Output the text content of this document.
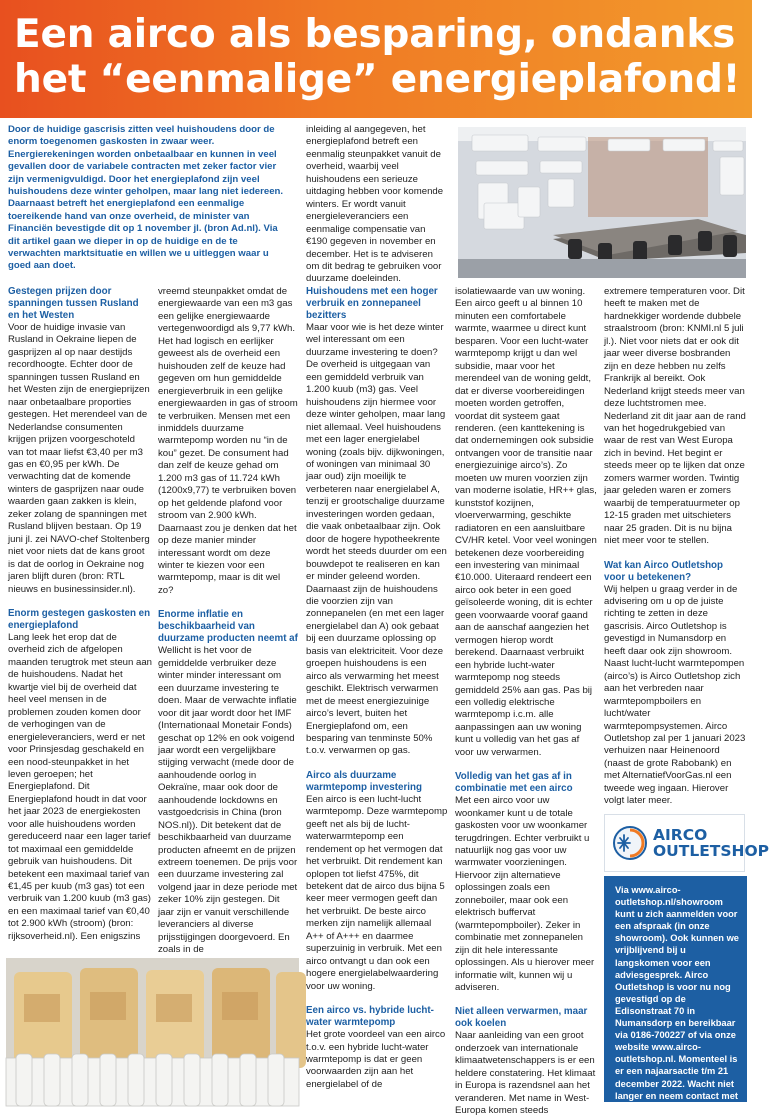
Een airco als besparing, ondanks
het “eenmalige” energieplafond!

Door de huidige gascrisis zitten veel huishoudens door de enorm toegenomen gaskosten in zwaar weer. Energierekeningen worden onbetaalbaar en kunnen in veel gevallen door de variabele contracten met zeker factor vier zijn vermenigvuldigd. Door het energieplafond zijn veel huishoudens deze winter geholpen, maar lang niet iedereen. Daarnaast betreft het energieplafond een eenmalige toereikende hand van onze overheid, de minister van Financiën bevestigde dit op 1 november jl. (bron Ad.nl). Via dit artikel gaan we dieper in op de huidige en de te verwachten marktsituatie en willen we u uitleggen waar u goed aan doet.

inleiding al aangegeven, het energieplafond betreft een eenmalig steunpakket vanuit de overheid, waarbij veel huishoudens een serieuze uitdaging hebben voor komende winters. Er wordt vanuit energieleveranciers een eenmalige compensatie van €190 gegeven in november en december. Het is te adviseren om dit bedrag te gebruiken voor duurzame doeleinden.

Gestegen prijzen door spanningen tussen Rusland en het Westen

Voor de huidige invasie van Rusland in Oekraine liepen de gasprijzen al op naar destijds recordhoogte. Echter door de spanningen tussen Rusland en het Westen zijn de energieprijzen naar onbetaalbare proporties gestegen. Het merendeel van de Nederlandse consumenten krijgen prijzen voorgeschoteld van tot maar liefst €3,40 per m3 gas en €0,95 per kWh. De verwachting dat de komende winters de gasprijzen naar oude waarden gaan zakken is klein, zeker zolang de spanningen met Rusland blijven bestaan. Op 19 juni jl. zei NAVO-chef Stoltenberg niet voor niets dat de kans groot is dat de oorlog in Oekraine nog jaren blijft duren (bron: RTL nieuws en businessinsider.nl).

Enorm gestegen gaskosten en energieplafond

Lang leek het erop dat de overheid zich de afgelopen maanden terugtrok met steun aan de huishoudens. Nadat het kwartje viel bij de overheid dat heel veel mensen in de problemen zouden komen door de verhogingen van de energieleveranciers, werd er net voor Prinsjesdag geschakeld en een nood-steunpakket in het leven geroepen; het Energieplafond. Dit Energieplafond houdt in dat voor het jaar 2023 de energiekosten voor alle huishoudens worden gereduceerd naar een lager tarief tot maximaal een gemiddelde gebruik van huishoudens. Dit betekent een maximaal tarief van €1,45 per kuub (m3 gas) tot een verbruik van 1.200 kuub (m3 gas) en een maximaal tarief van €0,40 tot 2.900 kWh (stroom) (bron: rijksoverheid.nl). Een enigszins

vreemd steunpakket omdat de energiewaarde van een m3 gas een gelijke energiewaarde vertegenwoordigd als 9,77 kWh. Het had logisch en eerlijker geweest als de overheid een huishouden zelf de keuze had gegeven om hun gemiddelde energieverbruik in een gelijke energiewaarden in gas of stroom te verbruiken. Mensen met een inmiddels duurzame warmtepomp worden nu “in de kou” gezet. De consument had dan zelf de keuze gehad om 1.200 m3 gas of 11.724 kWh (1200x9,77) te verbruiken boven op het geldende plafond voor stroom van 2.900 kWh. Daarnaast zou je denken dat het op deze manier minder interessant wordt om deze winter te kiezen voor een warmtepomp, maar is dit wel zo?

Enorme inflatie en beschikbaarheid van duurzame producten neemt af

Wellicht is het voor de gemiddelde verbruiker deze winter minder interessant om een duurzame investering te doen. Maar de verwachte inflatie voor dit jaar wordt door het IMF (Internationaal Monetair Fonds) geschat op 12% en ook voigend jaar wordt een vergelijkbare stijging verwacht (mede door de aanhoudende oorlog in Oekraïne, maar ook door de aanhoudende lockdowns en vastgoedcrisis in China (bron NOS.nl)). Dit betekent dat de beschikbaarheid van duurzame producten afneemt en de prijzen extreem toenemen. De prijs voor een duurzame investering zal volgend jaar in deze periode met zeker 10% zijn gestegen. Dit jaar zijn er vanuit verschillende leveranciers al diverse prijsstijgingen doorgevoerd. En zoals in de

Huishoudens met een hoger verbruik en zonnepaneel bezitters

Maar voor wie is het deze winter wel interessant om een duurzame investering te doen? De overheid is uitgegaan van een gemiddeld verbruik van 1.200 kuub (m3) gas. Veel huishoudens zijn hiermee voor deze winter geholpen, maar lang niet allemaal. Veel huishoudens met een lager energielabel woning (zoals bijv. dijkwoningen, of woningen van minimaal 30 jaar oud) zijn moeilijk te verbeteren naar energielabel A, tenzij er grootschalige duurzame investeringen worden gedaan, die vaak onbetaalbaar zijn. Ook door de hogere hypotheekrente wordt het steeds duurder om een bouwdepot te realiseren en kan er minder geleend worden. Daarnaast zijn de huishoudens die voorzien zijn van zonnepanelen (en met een lager energielabel dan A) ook gebaat bij een duurzame oplossing op basis van elektriciteit. Voor deze groepen huishoudens is een airco als verwarming het meest geschikt. Elektrisch verwarmen met de meest energiezuinige airco’s levert, buiten het Energieplafond om, een besparing van tenminste 50% t.o.v. verwarmen op gas.

Airco als duurzame warmtepomp investering

Een airco is een lucht-lucht warmtepomp. Deze warmtepomp geeft net als bij de lucht-waterwarmtepomp een rendement op het vermogen dat het verbruikt. Dit rendement kan oplopen tot liefst 475%, dit betekent dat de airco dus bijna 5 keer meer vermogen geeft dan het verbruikt. De beste airco merken zijn namelijk allemaal A++ of A+++ en daarmee superzuinig in verbruik. Met een airco ontvangt u dan ook een hogere energielabelwaardering voor uw woning.

Een airco vs. hybride lucht-water warmtepomp

Het grote voordeel van een airco t.o.v. een hybride lucht-water warmtepomp is dat er geen voorwaarden zijn aan het energielabel of de

isolatiewaarde van uw woning. Een airco geeft u al binnen 10 minuten een comfortabele warmte, waarmee u direct kunt besparen. Voor een lucht-water warmtepomp krijgt u dan wel subsidie, maar voor het merendeel van de woning geldt, dat er diverse voorbereidingen moeten worden getroffen, voordat dit systeem gaat renderen. (een kanttekening is dat ondernemingen ook subsidie ontvangen voor de transitie naar energiezuinige airco’s). Zo moeten uw muren voorzien zijn van moderne isolatie, HR++ glas, kunststof kozijnen, vloerverwarming, geschikte radiatoren en een aansluitbare CV/HR ketel. Voor veel woningen betekenen deze voorbereiding een investering van minimaal €10.000. Uiteraard rendeert een airco ook beter in een goed geïsoleerde woning, dit is echter geen voorwaarde vooraf gaand aan de aanschaf aangezien het vermogen hierop wordt berekend. Daarnaast verbruikt een hybride lucht-water warmtepomp nog steeds gemiddeld 25% aan gas. Pas bij een volledig elektrische warmtepomp i.c.m. alle aanpassingen aan uw woning kunt u volledig van het gas af voor uw verwarmen.

Volledig van het gas af in combinatie met een airco

Met een airco voor uw woonkamer kunt u de totale gaskosten voor uw woonkamer terugdringen. Echter verbruikt u natuurlijk nog gas voor uw warmwater voorzieningen. Hiervoor zijn alternatieve oplossingen zoals een zonneboiler, maar ook een elektrisch buffervat (warmtepompboiler). Zeker in combinatie met zonnepanelen zijn dit hele interessante oplossingen. Als u hierover meer informatie wilt, kunnen wij u adviseren.

Niet alleen verwarmen, maar ook koelen

Naar aanleiding van een groot onderzoek van internationale klimaatwetenschappers is er een heldere constatering. Het klimaat in Europa is razendsnel aan het veranderen. Met name in West-Europa komen steeds

extremere temperaturen voor. Dit heeft te maken met de hardnekkiger wordende dubbele straalstroom (bron: KNMI.nl 5 juli jl.). Niet voor niets dat er ook dit jaar weer diverse bosbranden zijn en deze hebben nu zelfs Frankrijk al bereikt. Ook Nederland krijgt steeds meer van deze luchtstromen mee. Nederland zit dit jaar aan de rand van het hogedrukgebied van waar de rest van West Europa zich in bevind. Het begint er steeds meer op te lijken dat onze zomers warmer worden. Twintig jaar geleden waren er zomers waarbij de temperatuurmeter op 12-15 graden met uitschieters naar 25 graden. Dit is nu bijna niet meer voor te stellen.

Wat kan Airco Outletshop voor u betekenen?

Wij helpen u graag verder in de advisering om u op de juiste richting te zetten in deze gascrisis. Airco Outletshop is gevestigd in Numansdorp en heeft daar ook zijn showroom. Naast lucht-lucht warmtepompen (airco’s) is Airco Outletshop zich aan het verbreden naar warmtepompboilers en lucht/water warmtepompsystemen. Airco Outletshop zal per 1 januari 2023 verhuizen naar Heinenoord (naast de grote Rabobank) en met AlternatiefVoorGas.nl een tweede weg ingaan. Hierover volgt later meer.

AIRCO
OUTLETSHOP

Via www.airco-outletshop.nl/showroom kunt u zich aanmelden voor een afspraak (in onze showroom). Ook kunnen we vrijblijvend bij u langskomen voor een adviesgesprek. Airco Outletshop is voor nu nog gevestigd op de Edisonstraat 70 in Numansdorp en bereikbaar via 0186-700227 of via onze website www.airco-outletshop.nl. Momenteel is er een najaarsactie t/m 21 december 2022. Wacht niet langer en neem contact met ons op!
